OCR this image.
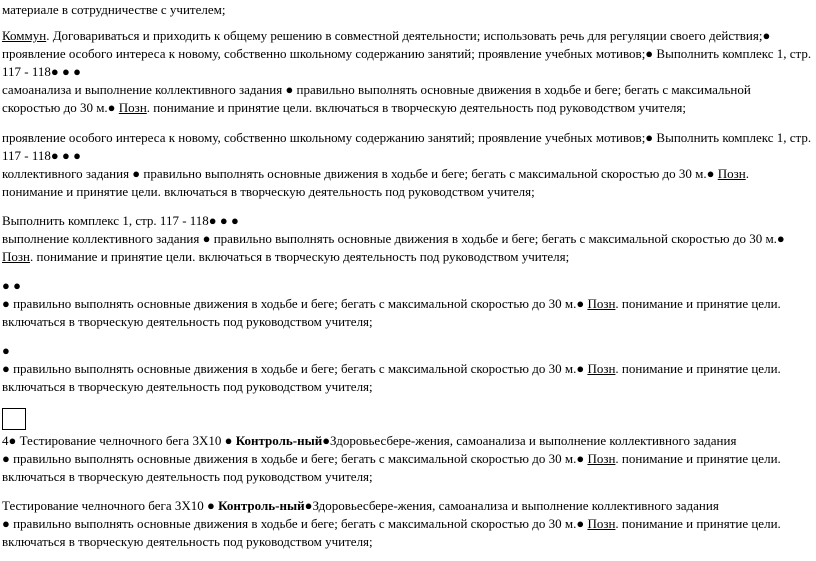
материале в сотрудничестве с учителем;

Коммун. Договариваться и приходить к общему решению в совместной деятельности; использовать речь для регуляции своего действия;● проявление особого интереса к новому, собственно школьному содержанию занятий; проявление учебных мотивов;● Выполнить комплекс 1, стр. 117 - 118● ● ●

самоанализа и выполнение коллективного задания ● правильно выполнять основные движения в ходьбе и беге; бегать с максимальной скоростью до 30 м.● Позн. понимание и принятие цели. включаться в творческую деятельность под руководством учителя;

проявление особого интереса к новому, собственно школьному содержанию занятий; проявление учебных мотивов;● Выполнить комплекс 1, стр. 117 - 118● ● ●

коллективного задания ● правильно выполнять основные движения в ходьбе и беге; бегать с максимальной скоростью до 30 м.● Позн. понимание и принятие цели. включаться в творческую деятельность под руководством учителя;

Выполнить комплекс 1, стр. 117 - 118● ● ●

выполнение коллективного задания ● правильно выполнять основные движения в ходьбе и беге; бегать с максимальной скоростью до 30 м.● Позн. понимание и принятие цели. включаться в творческую деятельность под руководством учителя;

● ●

● правильно выполнять основные движения в ходьбе и беге; бегать с максимальной скоростью до 30 м.● Позн. понимание и принятие цели. включаться в творческую деятельность под руководством учителя;

●

● правильно выполнять основные движения в ходьбе и беге; бегать с максимальной скоростью до 30 м.● Позн. понимание и принятие цели. включаться в творческую деятельность под руководством учителя;

4● Тестирование челночного бега 3Х10 ● Контроль-ный●Здоровьесбере-жения, самоанализа и выполнение коллективного задания

● правильно выполнять основные движения в ходьбе и беге; бегать с максимальной скоростью до 30 м.● Позн. понимание и принятие цели. включаться в творческую деятельность под руководством учителя;

Тестирование челночного бега 3Х10 ● Контроль-ный●Здоровьесбере-жения, самоанализа и выполнение коллективного задания

● правильно выполнять основные движения в ходьбе и беге; бегать с максимальной скоростью до 30 м.● Позн. понимание и принятие цели. включаться в творческую деятельность под руководством учителя;
